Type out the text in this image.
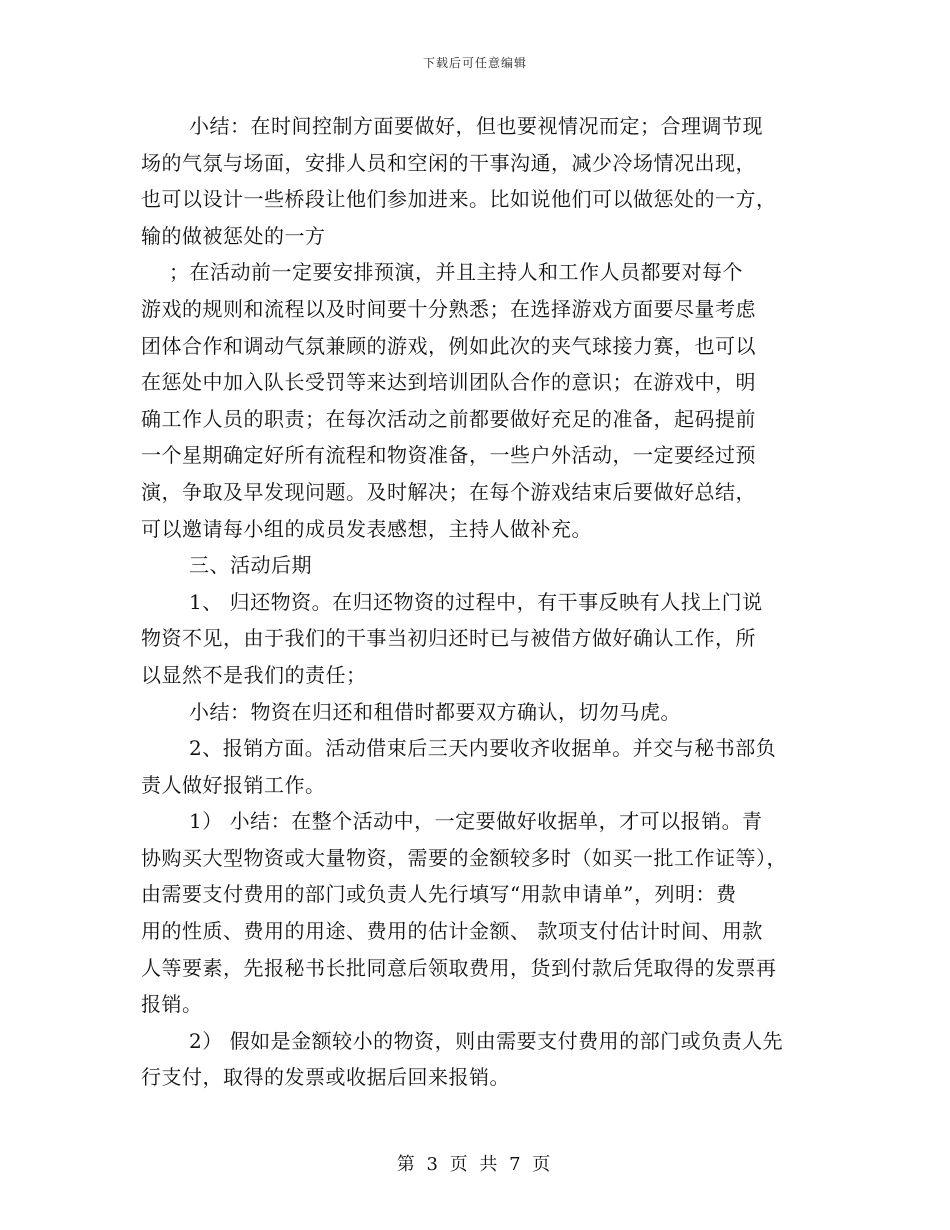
下载后可任意编辑

小结：在时间控制方面要做好，但也要视情况而定；合理调节现

场的气氛与场面，安排人员和空闲的干事沟通，减少冷场情况出现，

也可以设计一些桥段让他们参加进来。比如说他们可以做惩处的一方，

输的做被惩处的一方

；在活动前一定要安排预演，并且主持人和工作人员都要对每个

游戏的规则和流程以及时间要十分熟悉；在选择游戏方面要尽量考虑

团体合作和调动气氛兼顾的游戏，例如此次的夹气球接力赛，也可以

在惩处中加入队长受罚等来达到培训团队合作的意识；在游戏中，明

确工作人员的职责；在每次活动之前都要做好充足的准备，起码提前

一个星期确定好所有流程和物资准备，一些户外活动，一定要经过预

演，争取及早发现问题。及时解决；在每个游戏结束后要做好总结，

可以邀请每小组的成员发表感想，主持人做补充。

三、活动后期

1、 归还物资。在归还物资的过程中，有干事反映有人找上门说

物资不见，由于我们的干事当初归还时已与被借方做好确认工作，所

以显然不是我们的责任；

小结：物资在归还和租借时都要双方确认，切勿马虎。

2、报销方面。活动借束后三天内要收齐收据单。并交与秘书部负

责人做好报销工作。

1） 小结：在整个活动中，一定要做好收据单，才可以报销。青

协购买大型物资或大量物资，需要的金额较多时（如买一批工作证等），

由需要支付费用的部门或负责人先行填写“用款申请单”，列明：费

用的性质、费用的用途、费用的估计金额、 款项支付估计时间、用款

人等要素，先报秘书长批同意后领取费用，货到付款后凭取得的发票再

报销。

2） 假如是金额较小的物资，则由需要支付费用的部门或负责人先

行支付，取得的发票或收据后回来报销。

第 3 页 共 7 页
